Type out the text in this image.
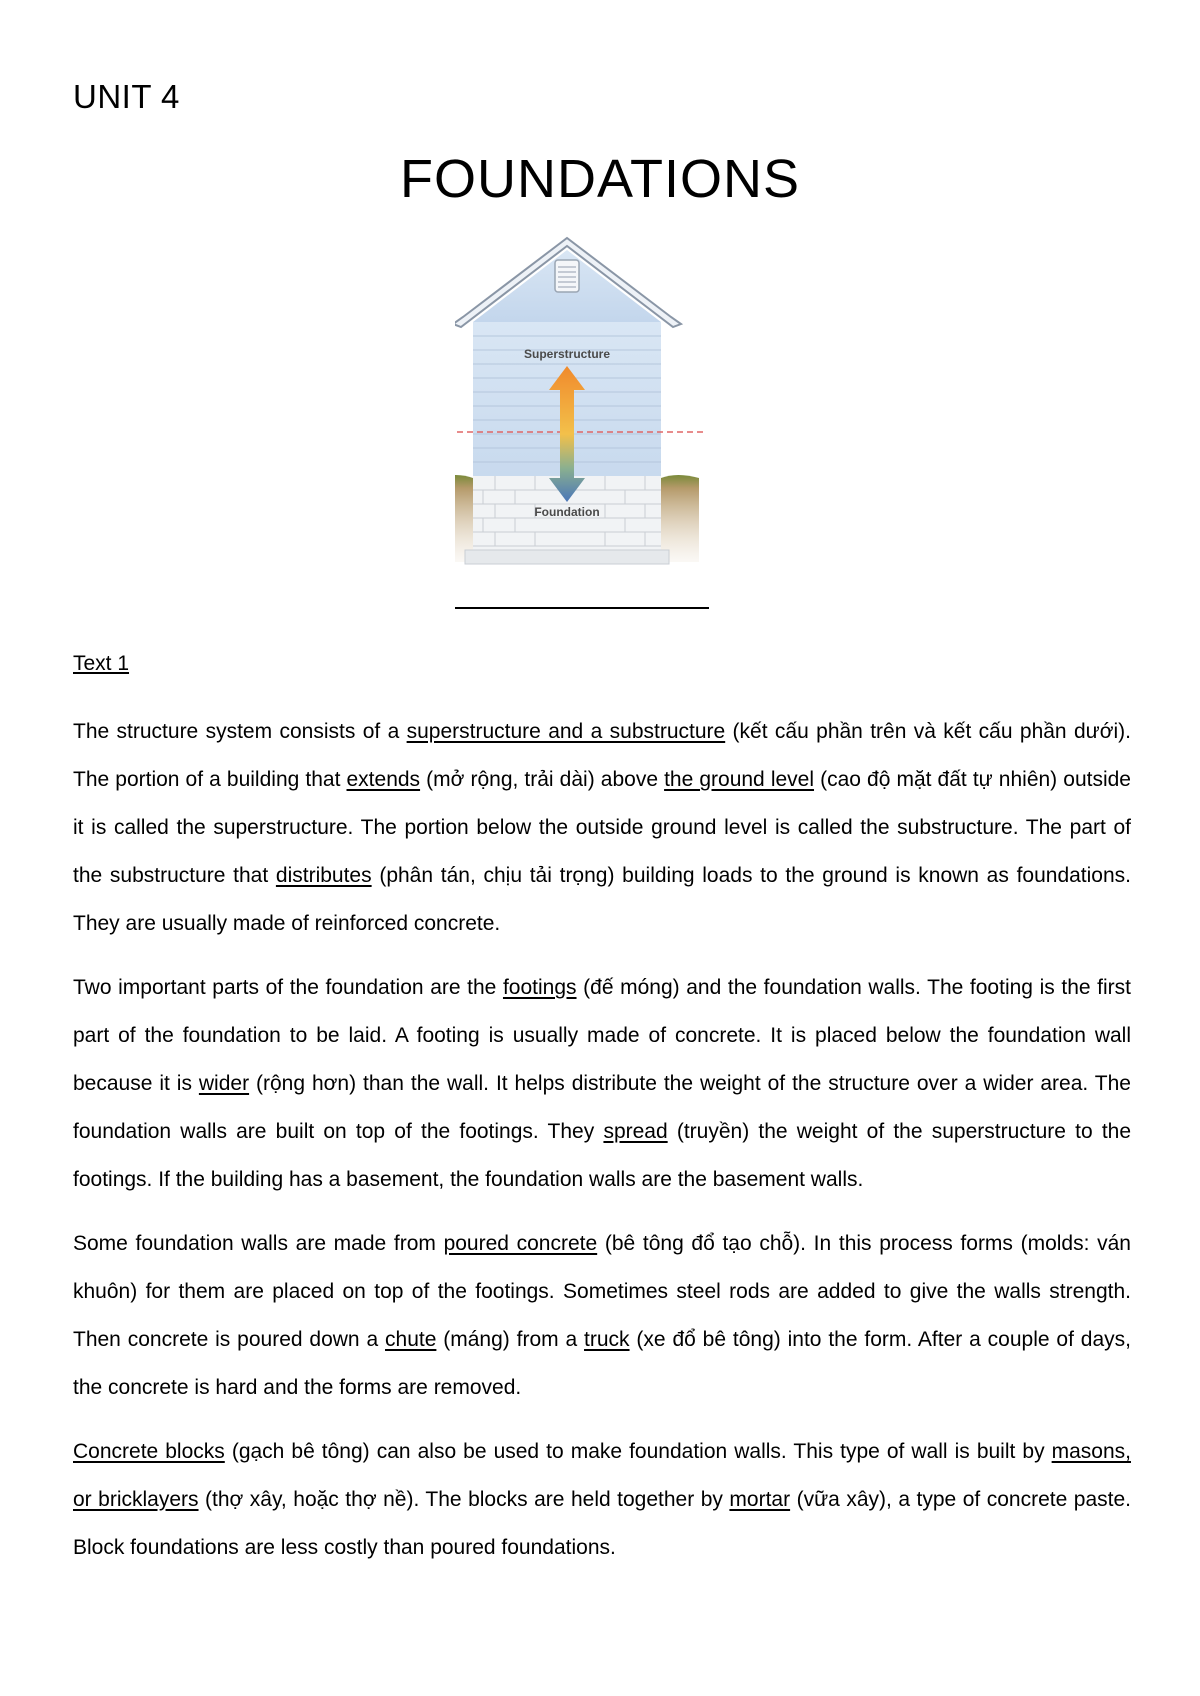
UNIT 4
FOUNDATIONS
Superstructure
Foundation
Text 1

The structure system consists of a superstructure and a substructure (kết cấu phần trên và kết cấu phần dưới). The portion of a building that extends (mở rộng, trải dài) above the ground level (cao độ mặt đất tự nhiên) outside it is called the superstructure. The portion below the outside ground level is called the substructure. The part of the substructure that distributes (phân tán, chịu tải trọng) building loads to the ground is known as foundations. They are usually made of reinforced concrete.

Two important parts of the foundation are the footings (đế móng) and the foundation walls. The footing is the first part of the foundation to be laid. A footing is usually made of concrete. It is placed below the foundation wall because it is wider (rộng hơn) than the wall. It helps distribute the weight of the structure over a wider area. The foundation walls are built on top of the footings. They spread (truyền) the weight of the superstructure to the footings. If the building has a basement, the foundation walls are the basement walls.

Some foundation walls are made from poured concrete (bê tông đổ tạo chỗ). In this process forms (molds: ván khuôn) for them are placed on top of the footings. Sometimes steel rods are added to give the walls strength. Then concrete is poured down a chute (máng) from a truck (xe đổ bê tông) into the form. After a couple of days, the concrete is hard and the forms are removed.

Concrete blocks (gạch bê tông) can also be used to make foundation walls. This type of wall is built by masons, or bricklayers (thợ xây, hoặc thợ nề). The blocks are held together by mortar (vữa xây), a type of concrete paste. Block foundations are less costly than poured foundations.
